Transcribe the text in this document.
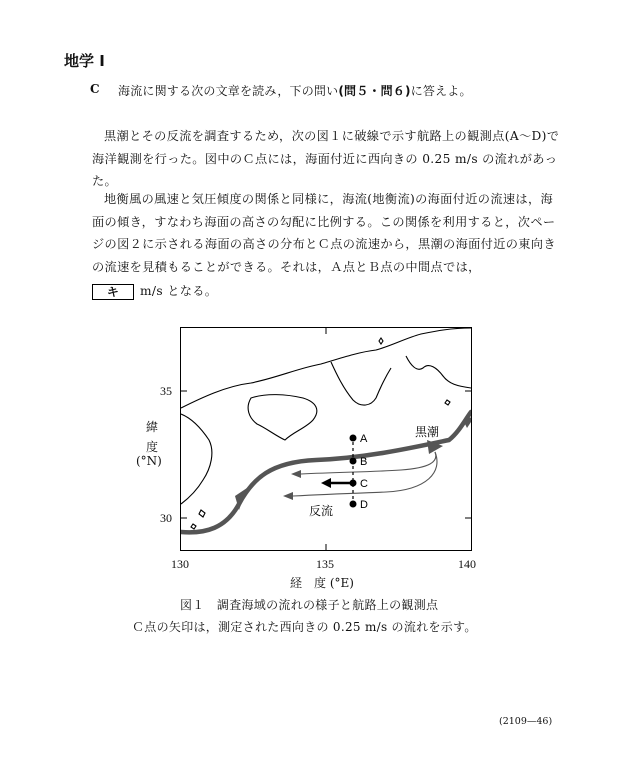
地学 I
C 海流に関する次の文章を読み，下の問い(問５・問６)に答えよ。
黒潮とその反流を調査するため，次の図１に破線で示す航路上の観測点(A～D)で海洋観測を行った。図中のＣ点には，海面付近に西向きの 0.25 m/s の流れがあった。
地衡風の風速と気圧傾度の関係と同様に，海流(地衡流)の海面付近の流速は，海面の傾き，すなわち海面の高さの勾配に比例する。この関係を利用すると，次ページの図２に示される海面の高さの分布とＣ点の流速から，黒潮の海面付近の東向きの流速を見積もることができる。それは，Ａ点とＢ点の中間点では，
キ m/s となる。
A
B
C
D
黒潮
反流
35
30
130	135	140
緯
度
(°N)
経　度 (°E)
図１　調査海域の流れの様子と航路上の観測点
Ｃ点の矢印は，測定された西向きの 0.25 m/s の流れを示す。
(2109—46)
